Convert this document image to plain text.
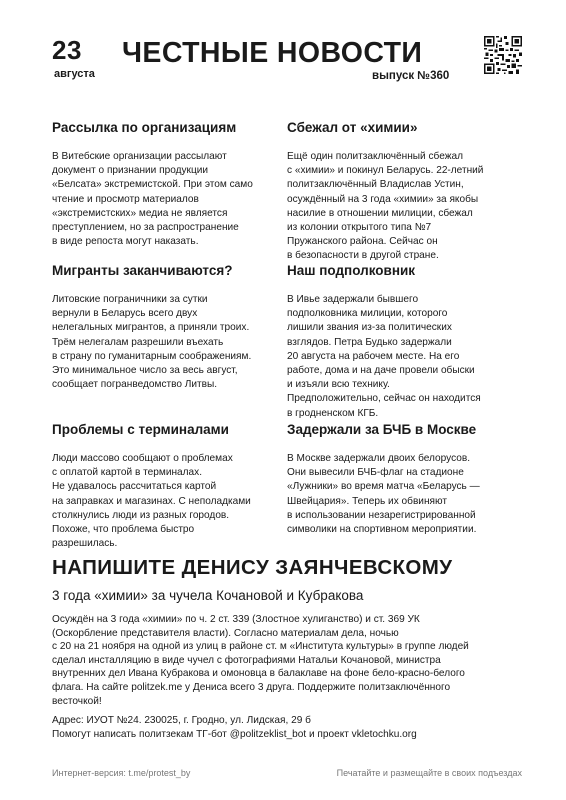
23
августа
ЧЕСТНЫЕ НОВОСТИ
выпуск №360
Рассылка по организациям

В Витебские организации рассылают
документ о признании продукции
«Белсата» экстремистской. При этом само
чтение и просмотр материалов
«экстремистских» медиа не является
преступлением, но за распространение
в виде репоста могут наказать.

Мигранты заканчиваются?

Литовские пограничники за сутки
вернули в Беларусь всего двух
нелегальных мигрантов, а приняли троих.
Трём нелегалам разрешили въехать
в страну по гуманитарным соображениям.
Это минимальное число за весь август,
сообщает погранведомство Литвы.

Проблемы с терминалами

Люди массово сообщают о проблемах
с оплатой картой в терминалах.
Не удавалось рассчитаться картой
на заправках и магазинах. С неполадками
столкнулись люди из разных городов.
Похоже, что проблема быстро
разрешилась.

Сбежал от «химии»

Ещё один политзаключённый сбежал
с «химии» и покинул Беларусь. 22-летний
политзаключённый Владислав Устин,
осуждённый на 3 года «химии» за якобы
насилие в отношении милиции, сбежал
из колонии открытого типа №7
Пружанского района. Сейчас он
в безопасности в другой стране.

Наш подполковник

В Ивье задержали бывшего
подполковника милиции, которого
лишили звания из-за политических
взглядов. Петра Будько задержали
20 августа на рабочем месте. На его
работе, дома и на даче провели обыски
и изъяли всю технику.
Предположительно, сейчас он находится
в гродненском КГБ.

Задержали за БЧБ в Москве

В Москве задержали двоих белорусов.
Они вывесили БЧБ-флаг на стадионе
«Лужники» во время матча «Беларусь —
Швейцария». Теперь их обвиняют
в использовании незарегистрированной
символики на спортивном мероприятии.

НАПИШИТЕ ДЕНИСУ ЗАЯНЧЕВСКОМУ

3 года «химии» за чучела Кочановой и Кубракова

Осуждён на 3 года «химии» по ч. 2 ст. 339 (Злостное хулиганство) и ст. 369 УК
(Оскорбление представителя власти). Согласно материалам дела, ночью
с 20 на 21 ноября на одной из улиц в районе ст. м «Института культуры» в группе людей
сделал инсталляцию в виде чучел с фотографиями Натальи Кочановой, министра
внутренних дел Ивана Кубракова и омоновца в балаклаве на фоне бело-красно-белого
флага. На сайте politzek.me у Дениса всего 3 друга. Поддержите политзаключённого
весточкой!

Адрес: ИУОТ №24. 230025, г. Гродно, ул. Лидская, 29 б
Помогут написать политзекам ТГ-бот @politzeklist_bot и проект vkletochku.org
Интернет-версия: t.me/protest_by	Печатайте и размещайте в своих подъездах
